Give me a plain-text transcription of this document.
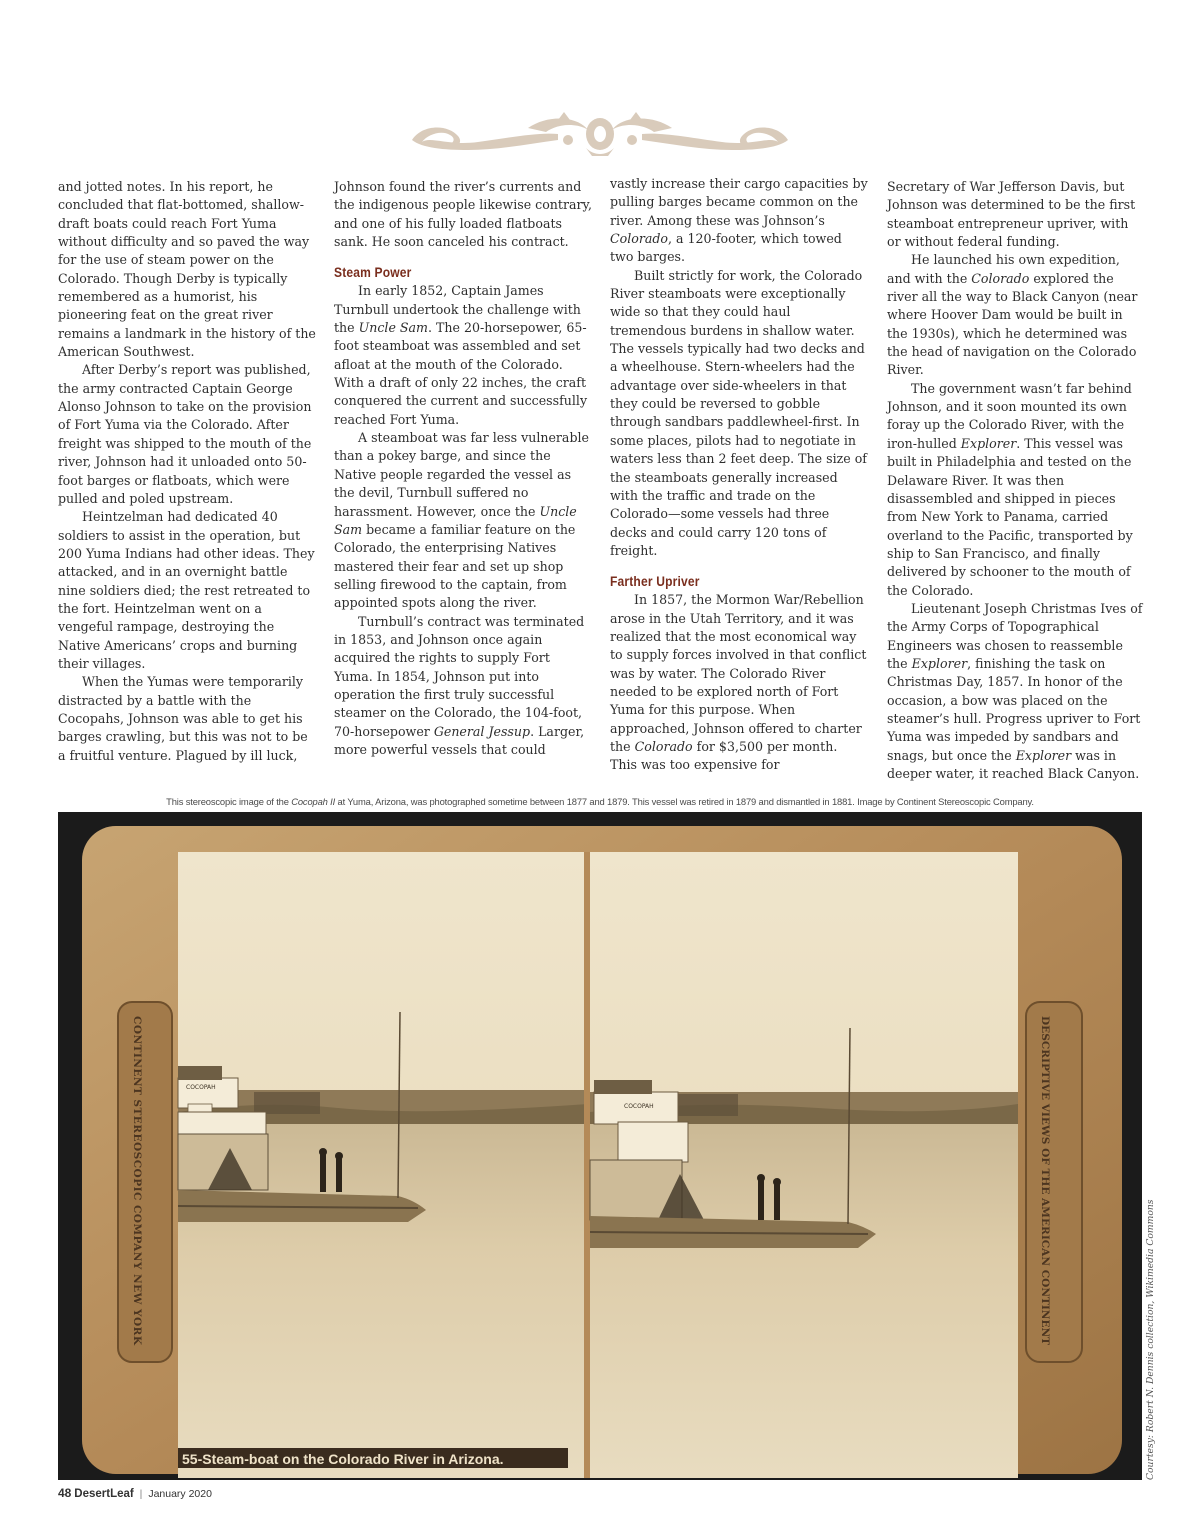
and jotted notes. In his report, he concluded that flat-bottomed, shallow-draft boats could reach Fort Yuma without difficulty and so paved the way for the use of steam power on the Colorado. Though Derby is typically remembered as a humorist, his pioneering feat on the great river remains a landmark in the history of the American Southwest.

After Derby’s report was published, the army contracted Captain George Alonso Johnson to take on the provision of Fort Yuma via the Colorado. After freight was shipped to the mouth of the river, Johnson had it unloaded onto 50-foot barges or flatboats, which were pulled and poled upstream.

Heintzelman had dedicated 40 soldiers to assist in the operation, but 200 Yuma Indians had other ideas. They attacked, and in an overnight battle nine soldiers died; the rest retreated to the fort. Heintzelman went on a vengeful rampage, destroying the Native Americans’ crops and burning their villages.

When the Yumas were temporarily distracted by a battle with the Cocopahs, Johnson was able to get his barges crawling, but this was not to be a fruitful venture. Plagued by ill luck,

Johnson found the river’s currents and the indigenous people likewise contrary, and one of his fully loaded flatboats sank. He soon canceled his contract.

Steam Power

In early 1852, Captain James Turnbull undertook the challenge with the Uncle Sam. The 20-horsepower, 65-foot steamboat was assembled and set afloat at the mouth of the Colorado. With a draft of only 22 inches, the craft conquered the current and successfully reached Fort Yuma.

A steamboat was far less vulnerable than a pokey barge, and since the Native people regarded the vessel as the devil, Turnbull suffered no harassment. However, once the Uncle Sam became a familiar feature on the Colorado, the enterprising Natives mastered their fear and set up shop selling firewood to the captain, from appointed spots along the river.

Turnbull’s contract was terminated in 1853, and Johnson once again acquired the rights to supply Fort Yuma. In 1854, Johnson put into operation the first truly successful steamer on the Colorado, the 104-foot, 70-horsepower General Jessup. Larger, more powerful vessels that could

vastly increase their cargo capacities by pulling barges became common on the river. Among these was Johnson’s Colorado, a 120-footer, which towed two barges.

Built strictly for work, the Colorado River steamboats were exceptionally wide so that they could haul tremendous burdens in shallow water. The vessels typically had two decks and a wheelhouse. Stern-wheelers had the advantage over side-wheelers in that they could be reversed to gobble through sandbars paddlewheel-first. In some places, pilots had to negotiate in waters less than 2 feet deep. The size of the steamboats generally increased with the traffic and trade on the Colorado—some vessels had three decks and could carry 120 tons of freight.

Farther Upriver

In 1857, the Mormon War/Rebellion arose in the Utah Territory, and it was realized that the most economical way to supply forces involved in that conflict was by water. The Colorado River needed to be explored north of Fort Yuma for this purpose. When approached, Johnson offered to charter the Colorado for $3,500 per month. This was too expensive for

Secretary of War Jefferson Davis, but Johnson was determined to be the first steamboat entrepreneur upriver, with or without federal funding.

He launched his own expedition, and with the Colorado explored the river all the way to Black Canyon (near where Hoover Dam would be built in the 1930s), which he determined was the head of navigation on the Colorado River.

The government wasn’t far behind Johnson, and it soon mounted its own foray up the Colorado River, with the iron-hulled Explorer. This vessel was built in Philadelphia and tested on the Delaware River. It was then disassembled and shipped in pieces from New York to Panama, carried overland to the Pacific, transported by ship to San Francisco, and finally delivered by schooner to the mouth of the Colorado.

Lieutenant Joseph Christmas Ives of the Army Corps of Topographical Engineers was chosen to reassemble the Explorer, finishing the task on Christmas Day, 1857. In honor of the occasion, a bow was placed on the steamer’s hull. Progress upriver to Fort Yuma was impeded by sandbars and snags, but once the Explorer was in deeper water, it reached Black Canyon.

This stereoscopic image of the Cocopah II at Yuma, Arizona, was photographed sometime between 1877 and 1879. This vessel was retired in 1879 and dismantled in 1881. Image by Continent Stereoscopic Company.
COCOPAH
COCOPAH
CONTINENT STEREOSCOPIC COMPANY NEW YORK
DESCRIPTIVE VIEWS OF THE AMERICAN CONTINENT
55-Steam-boat on the Colorado River in Arizona.	Courtesy: Robert N. Dennis collection, Wikimedia Commons
48 DesertLeaf | January 2020
